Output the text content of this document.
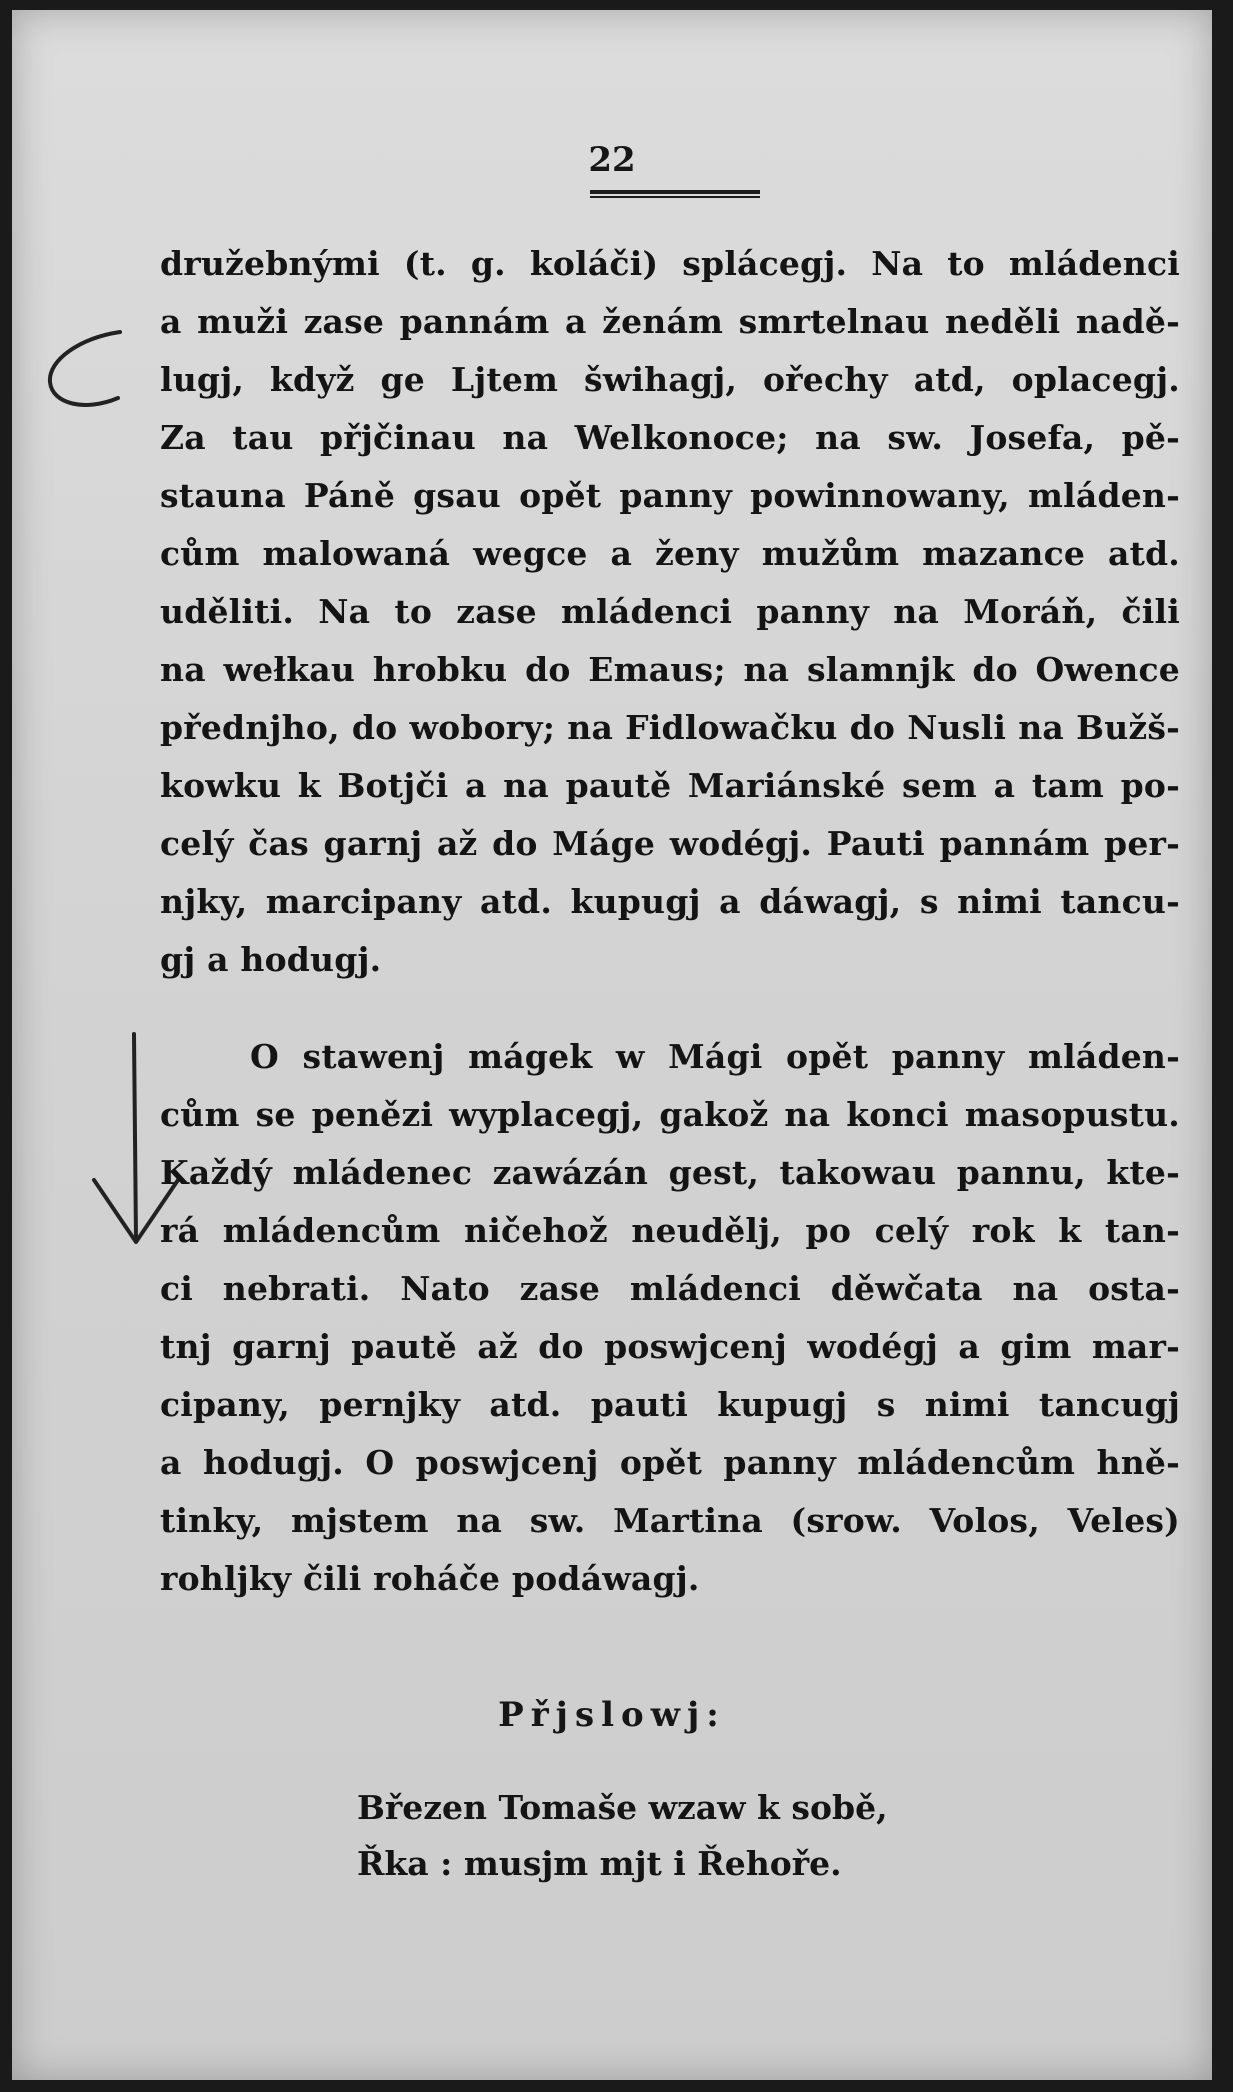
22
družebnými (t. g. koláči) splácegj. Na to mládenci
a muži zase pannám a ženám smrtelnau neděli nadě-
lugj, když ge Ljtem šwihagj, ořechy atd, oplacegj.
Za tau přjčinau na Welkonoce; na sw. Josefa, pě-
stauna Páně gsau opět panny powinnowany, mláden-
cům malowaná wegce a ženy mužům mazance atd.
uděliti. Na to zase mládenci panny na Moráň, čili
na wełkau hrobku do Emaus; na slamnjk do Owence
přednjho, do wobory; na Fidlowačku do Nusli na Bužš-
kowku k Botjči a na pautě Mariánské sem a tam po-
celý čas garnj až do Máge wodégj. Pauti pannám per-
njky, marcipany atd. kupugj a dáwagj, s nimi tancu-
gj a hodugj.
O stawenj mágek w Mági opět panny mláden-
cům se penězi wyplacegj, gakož na konci masopustu.
Každý mládenec zawázán gest, takowau pannu, kte-
rá mládencům ničehož neudělj, po celý rok k tan-
ci nebrati. Nato zase mládenci děwčata na osta-
tnj garnj pautě až do poswjcenj wodégj a gim mar-
cipany, pernjky atd. pauti kupugj s nimi tancugj
a hodugj. O poswjcenj opět panny mládencům hně-
tinky, mjstem na sw. Martina (srow. Volos, Veles)
rohljky čili roháče podáwagj.
Přjslowj:
Březen Tomaše wzaw k sobě,
Řka : musjm mjt i Řehoře.
